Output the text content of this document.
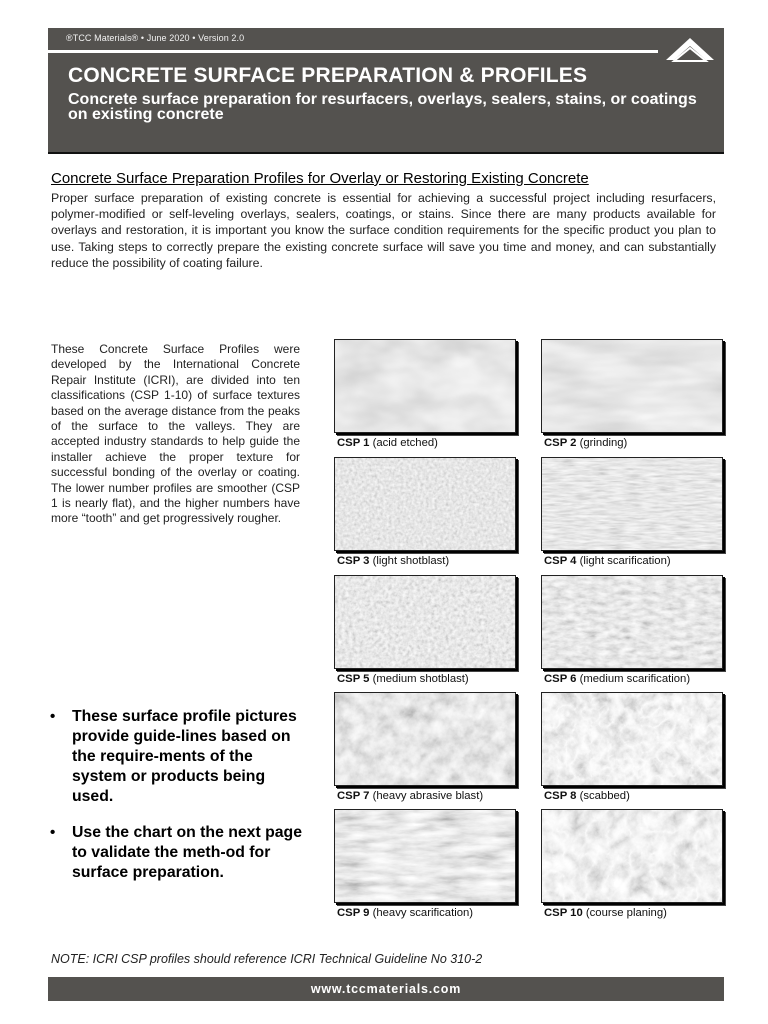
®TCC Materials® • June 2020 • Version 2.0
CONCRETE SURFACE PREPARATION & PROFILES
Concrete surface preparation for resurfacers, overlays, sealers, stains, or coatings on existing concrete
Concrete Surface Preparation Profiles for Overlay or Restoring Existing Concrete

Proper surface preparation of existing concrete is essential for achieving a successful project including resurfacers, polymer-modified or self-leveling overlays, sealers, coatings, or stains. Since there are many products available for overlays and restoration, it is important you know the surface condition requirements for the specific product you plan to use. Taking steps to correctly prepare the existing concrete surface will save you time and money, and can substantially reduce the possibility of coating failure.

These Concrete Surface Profiles were developed by the International Concrete Repair Institute (ICRI), are divided into ten classifications (CSP 1-10) of surface textures based on the average distance from the peaks of the surface to the valleys. They are accepted industry standards to help guide the installer achieve the proper texture for successful bonding of the overlay or coating. The lower number profiles are smoother (CSP 1 is nearly flat), and the higher numbers have more “tooth” and get progressively rougher.

• These surface profile pictures provide guide-lines based on the require-ments of the system or products being used.
• Use the chart on the next page to validate the meth-od for surface preparation.
CSP 1 (acid etched)	CSP 2 (grinding)
CSP 3 (light shotblast)	CSP 4 (light scarification)
CSP 5 (medium shotblast)	CSP 6 (medium scarification)
CSP 7 (heavy abrasive blast)	CSP 8 (scabbed)
CSP 9 (heavy scarification)	CSP 10 (course planing)

NOTE: ICRI CSP profiles should reference ICRI Technical Guideline No 310-2

www.tccmaterials.com
